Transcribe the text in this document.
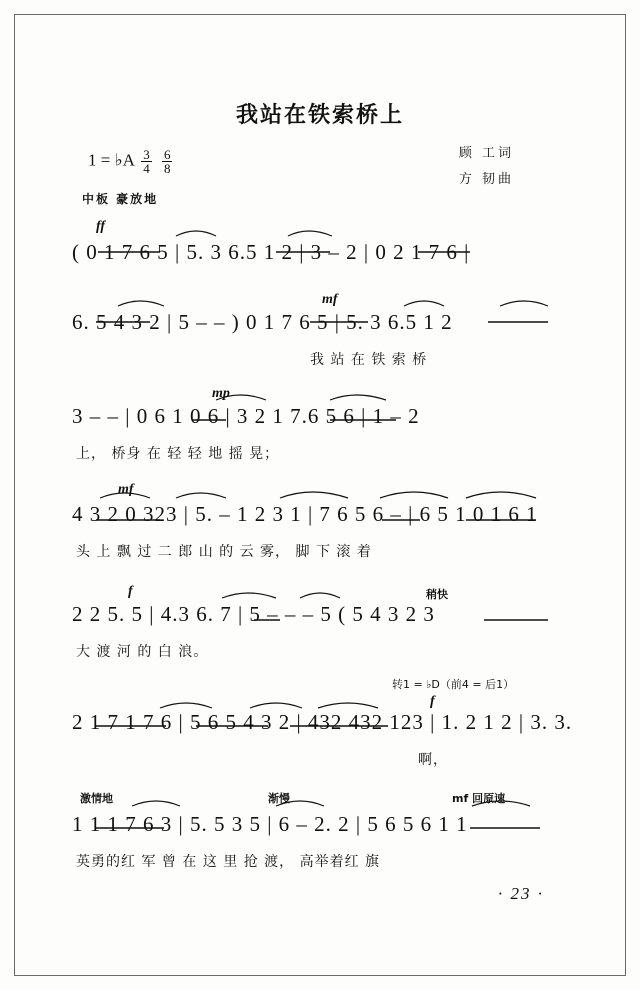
我站在铁索桥上
顾 工词
方 韧曲
1 = ♭A $\frac{3}{4}$
$\frac{6}{8}$
中板 豪放地
ff
( 0 1 7 6 5 | 5. 3 6.5 1 2 | 3 – 2 | 0 2 1 7 6 |
mf
6. 5 4 3 2 | 5 – – ) 0 1 7 6 5 | 5. 3 6.5 1 2
我 站 在 铁 索 桥
mp
3 – – | 0 6 1 0 6 | 3 2 1 7.6 5 6 | 1 – 2
上， 桥身 在 轻 轻 地 摇 晃；
mf
4 3 2 0 323 | 5. – 1 2 3 1 | 7 6 5 6 – | 6 5 1 0 1 6 1
头 上 飘 过 二 郎 山 的 云 雾， 脚 下 滚 着
f	稍快
2 2 5. 5 | 4.3 6. 7 | 5 – – – 5 ( 5 4 3 2 3
大 渡 河 的 白 浪。
转1 = ♭D（前4 = 后1）
f
2 1 7 1 7 6 | 5 6 5 4 3 2 | 432 432 123 | 1. 2 1 2 | 3. 3.
啊，
激情地	渐慢	mf 回原速
1 1 1 7 6 3 | 5. 5 3 5 | 6 – 2. 2 | 5 6 5 6 1 1
英勇的红 军 曾 在 这 里 抢 渡， 高举着红 旗
· 23 ·
